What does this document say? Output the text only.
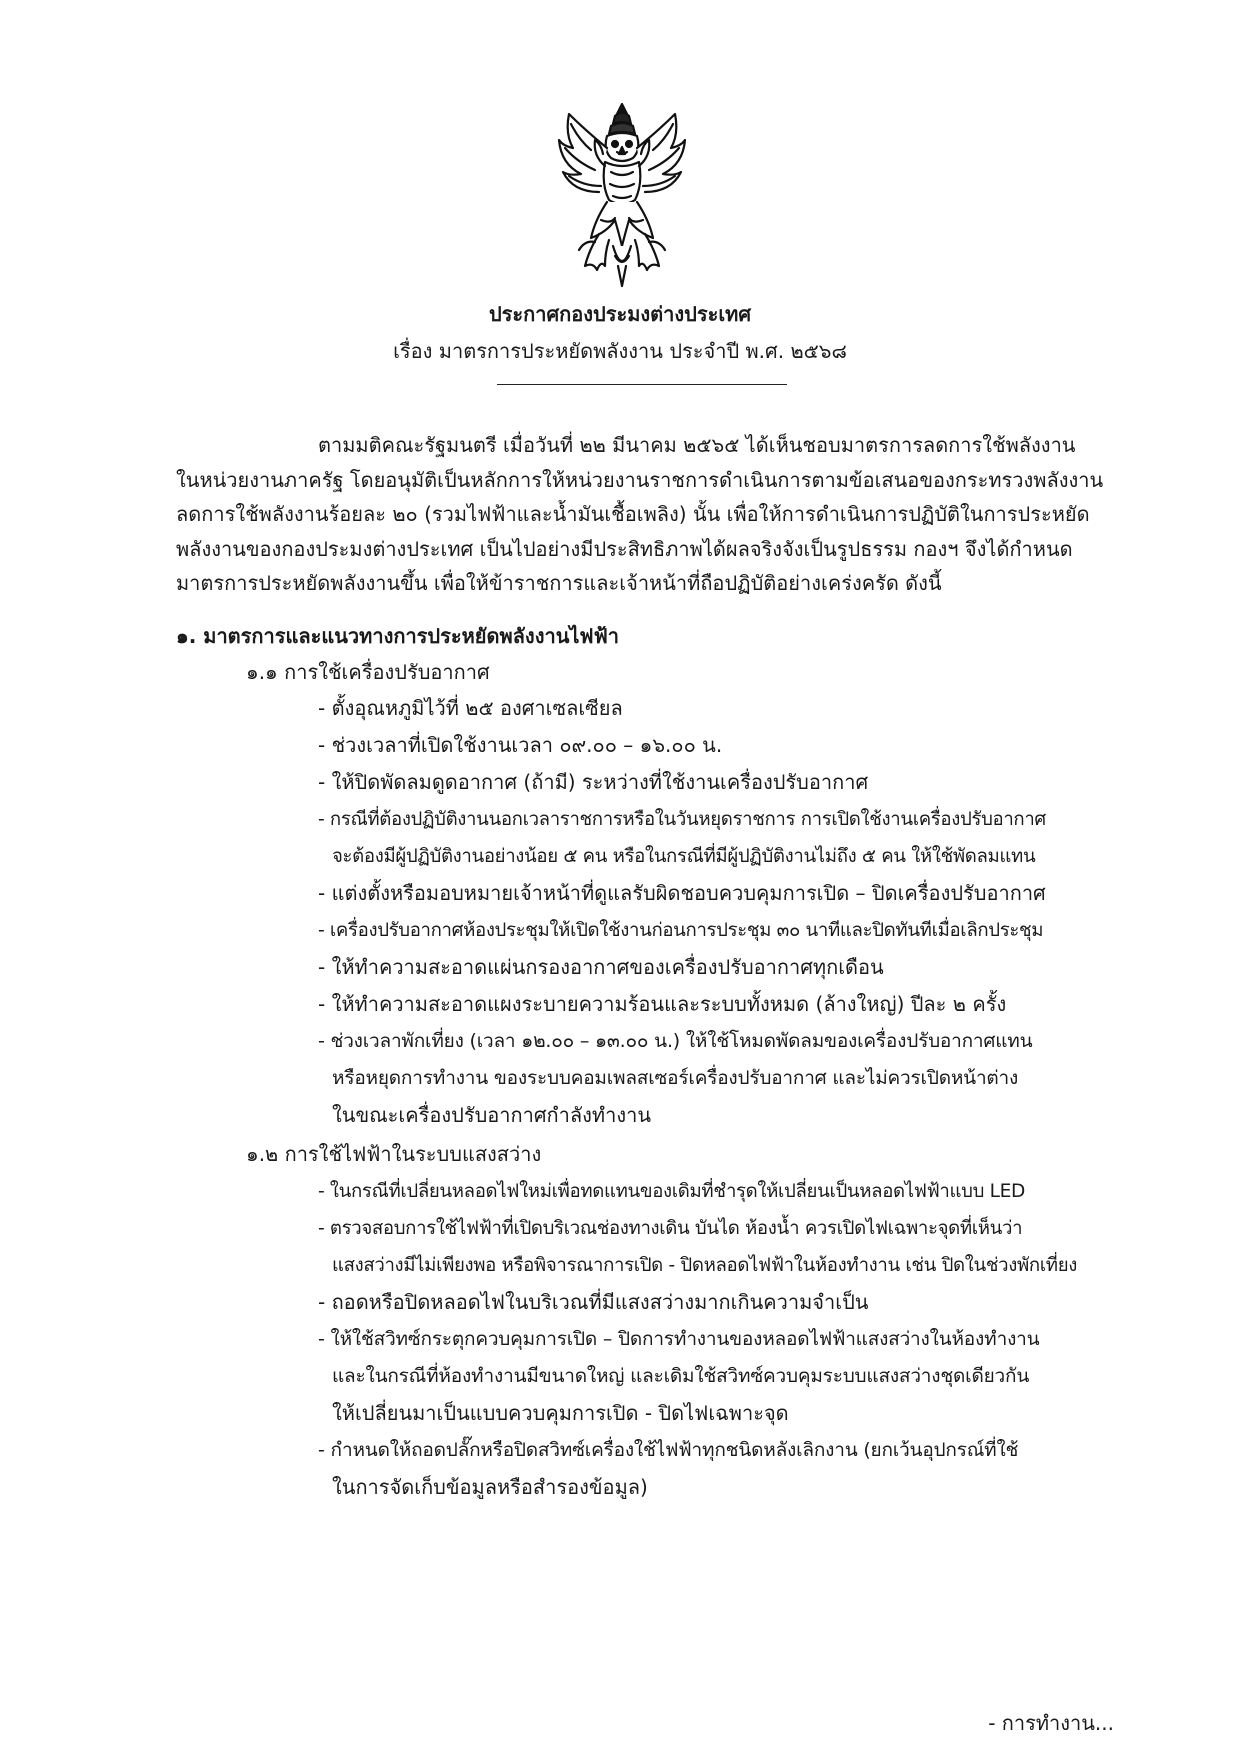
ประกาศกองประมงต่างประเทศ
เรื่อง มาตรการประหยัดพลังงาน ประจำปี พ.ศ. ๒๕๖๘
ตามมติคณะรัฐมนตรี เมื่อวันที่ ๒๒ มีนาคม ๒๕๖๕ ได้เห็นชอบมาตรการลดการใช้พลังงาน
ในหน่วยงานภาครัฐ โดยอนุมัติเป็นหลักการให้หน่วยงานราชการดำเนินการตามข้อเสนอของกระทรวงพลังงาน
ลดการใช้พลังงานร้อยละ ๒๐ (รวมไฟฟ้าและน้ำมันเชื้อเพลิง) นั้น เพื่อให้การดำเนินการปฏิบัติในการประหยัด
พลังงานของกองประมงต่างประเทศ เป็นไปอย่างมีประสิทธิภาพได้ผลจริงจังเป็นรูปธรรม กองฯ จึงได้กำหนด
มาตรการประหยัดพลังงานขึ้น เพื่อให้ข้าราชการและเจ้าหน้าที่ถือปฏิบัติอย่างเคร่งครัด ดังนี้
๑. มาตรการและแนวทางการประหยัดพลังงานไฟฟ้า
๑.๑ การใช้เครื่องปรับอากาศ
- ตั้งอุณหภูมิไว้ที่ ๒๕ องศาเซลเซียล
- ช่วงเวลาที่เปิดใช้งานเวลา ๐๙.๐๐ – ๑๖.๐๐ น.
- ให้ปิดพัดลมดูดอากาศ (ถ้ามี) ระหว่างที่ใช้งานเครื่องปรับอากาศ
- กรณีที่ต้องปฏิบัติงานนอกเวลาราชการหรือในวันหยุดราชการ การเปิดใช้งานเครื่องปรับอากาศ
จะต้องมีผู้ปฏิบัติงานอย่างน้อย ๕ คน หรือในกรณีที่มีผู้ปฏิบัติงานไม่ถึง ๕ คน ให้ใช้พัดลมแทน
- แต่งตั้งหรือมอบหมายเจ้าหน้าที่ดูแลรับผิดชอบควบคุมการเปิด – ปิดเครื่องปรับอากาศ
- เครื่องปรับอากาศห้องประชุมให้เปิดใช้งานก่อนการประชุม ๓๐ นาทีและปิดทันทีเมื่อเลิกประชุม
- ให้ทำความสะอาดแผ่นกรองอากาศของเครื่องปรับอากาศทุกเดือน
- ให้ทำความสะอาดแผงระบายความร้อนและระบบทั้งหมด (ล้างใหญ่) ปีละ ๒ ครั้ง
- ช่วงเวลาพักเที่ยง (เวลา ๑๒.๐๐ – ๑๓.๐๐ น.) ให้ใช้โหมดพัดลมของเครื่องปรับอากาศแทน
หรือหยุดการทำงาน ของระบบคอมเพลสเซอร์เครื่องปรับอากาศ และไม่ควรเปิดหน้าต่าง
ในขณะเครื่องปรับอากาศกำลังทำงาน
๑.๒ การใช้ไฟฟ้าในระบบแสงสว่าง
- ในกรณีที่เปลี่ยนหลอดไฟใหม่เพื่อทดแทนของเดิมที่ชำรุดให้เปลี่ยนเป็นหลอดไฟฟ้าแบบ LED
- ตรวจสอบการใช้ไฟฟ้าที่เปิดบริเวณช่องทางเดิน บันได ห้องน้ำ ควรเปิดไฟเฉพาะจุดที่เห็นว่า
แสงสว่างมีไม่เพียงพอ หรือพิจารณาการเปิด - ปิดหลอดไฟฟ้าในห้องทำงาน เช่น ปิดในช่วงพักเที่ยง
- ถอดหรือปิดหลอดไฟในบริเวณที่มีแสงสว่างมากเกินความจำเป็น
- ให้ใช้สวิทซ์กระตุกควบคุมการเปิด – ปิดการทำงานของหลอดไฟฟ้าแสงสว่างในห้องทำงาน
และในกรณีที่ห้องทำงานมีขนาดใหญ่ และเดิมใช้สวิทซ์ควบคุมระบบแสงสว่างชุดเดียวกัน
ให้เปลี่ยนมาเป็นแบบควบคุมการเปิด - ปิดไฟเฉพาะจุด
- กำหนดให้ถอดปลั๊กหรือปิดสวิทซ์เครื่องใช้ไฟฟ้าทุกชนิดหลังเลิกงาน (ยกเว้นอุปกรณ์ที่ใช้
ในการจัดเก็บข้อมูลหรือสำรองข้อมูล)
- การทำงาน...
